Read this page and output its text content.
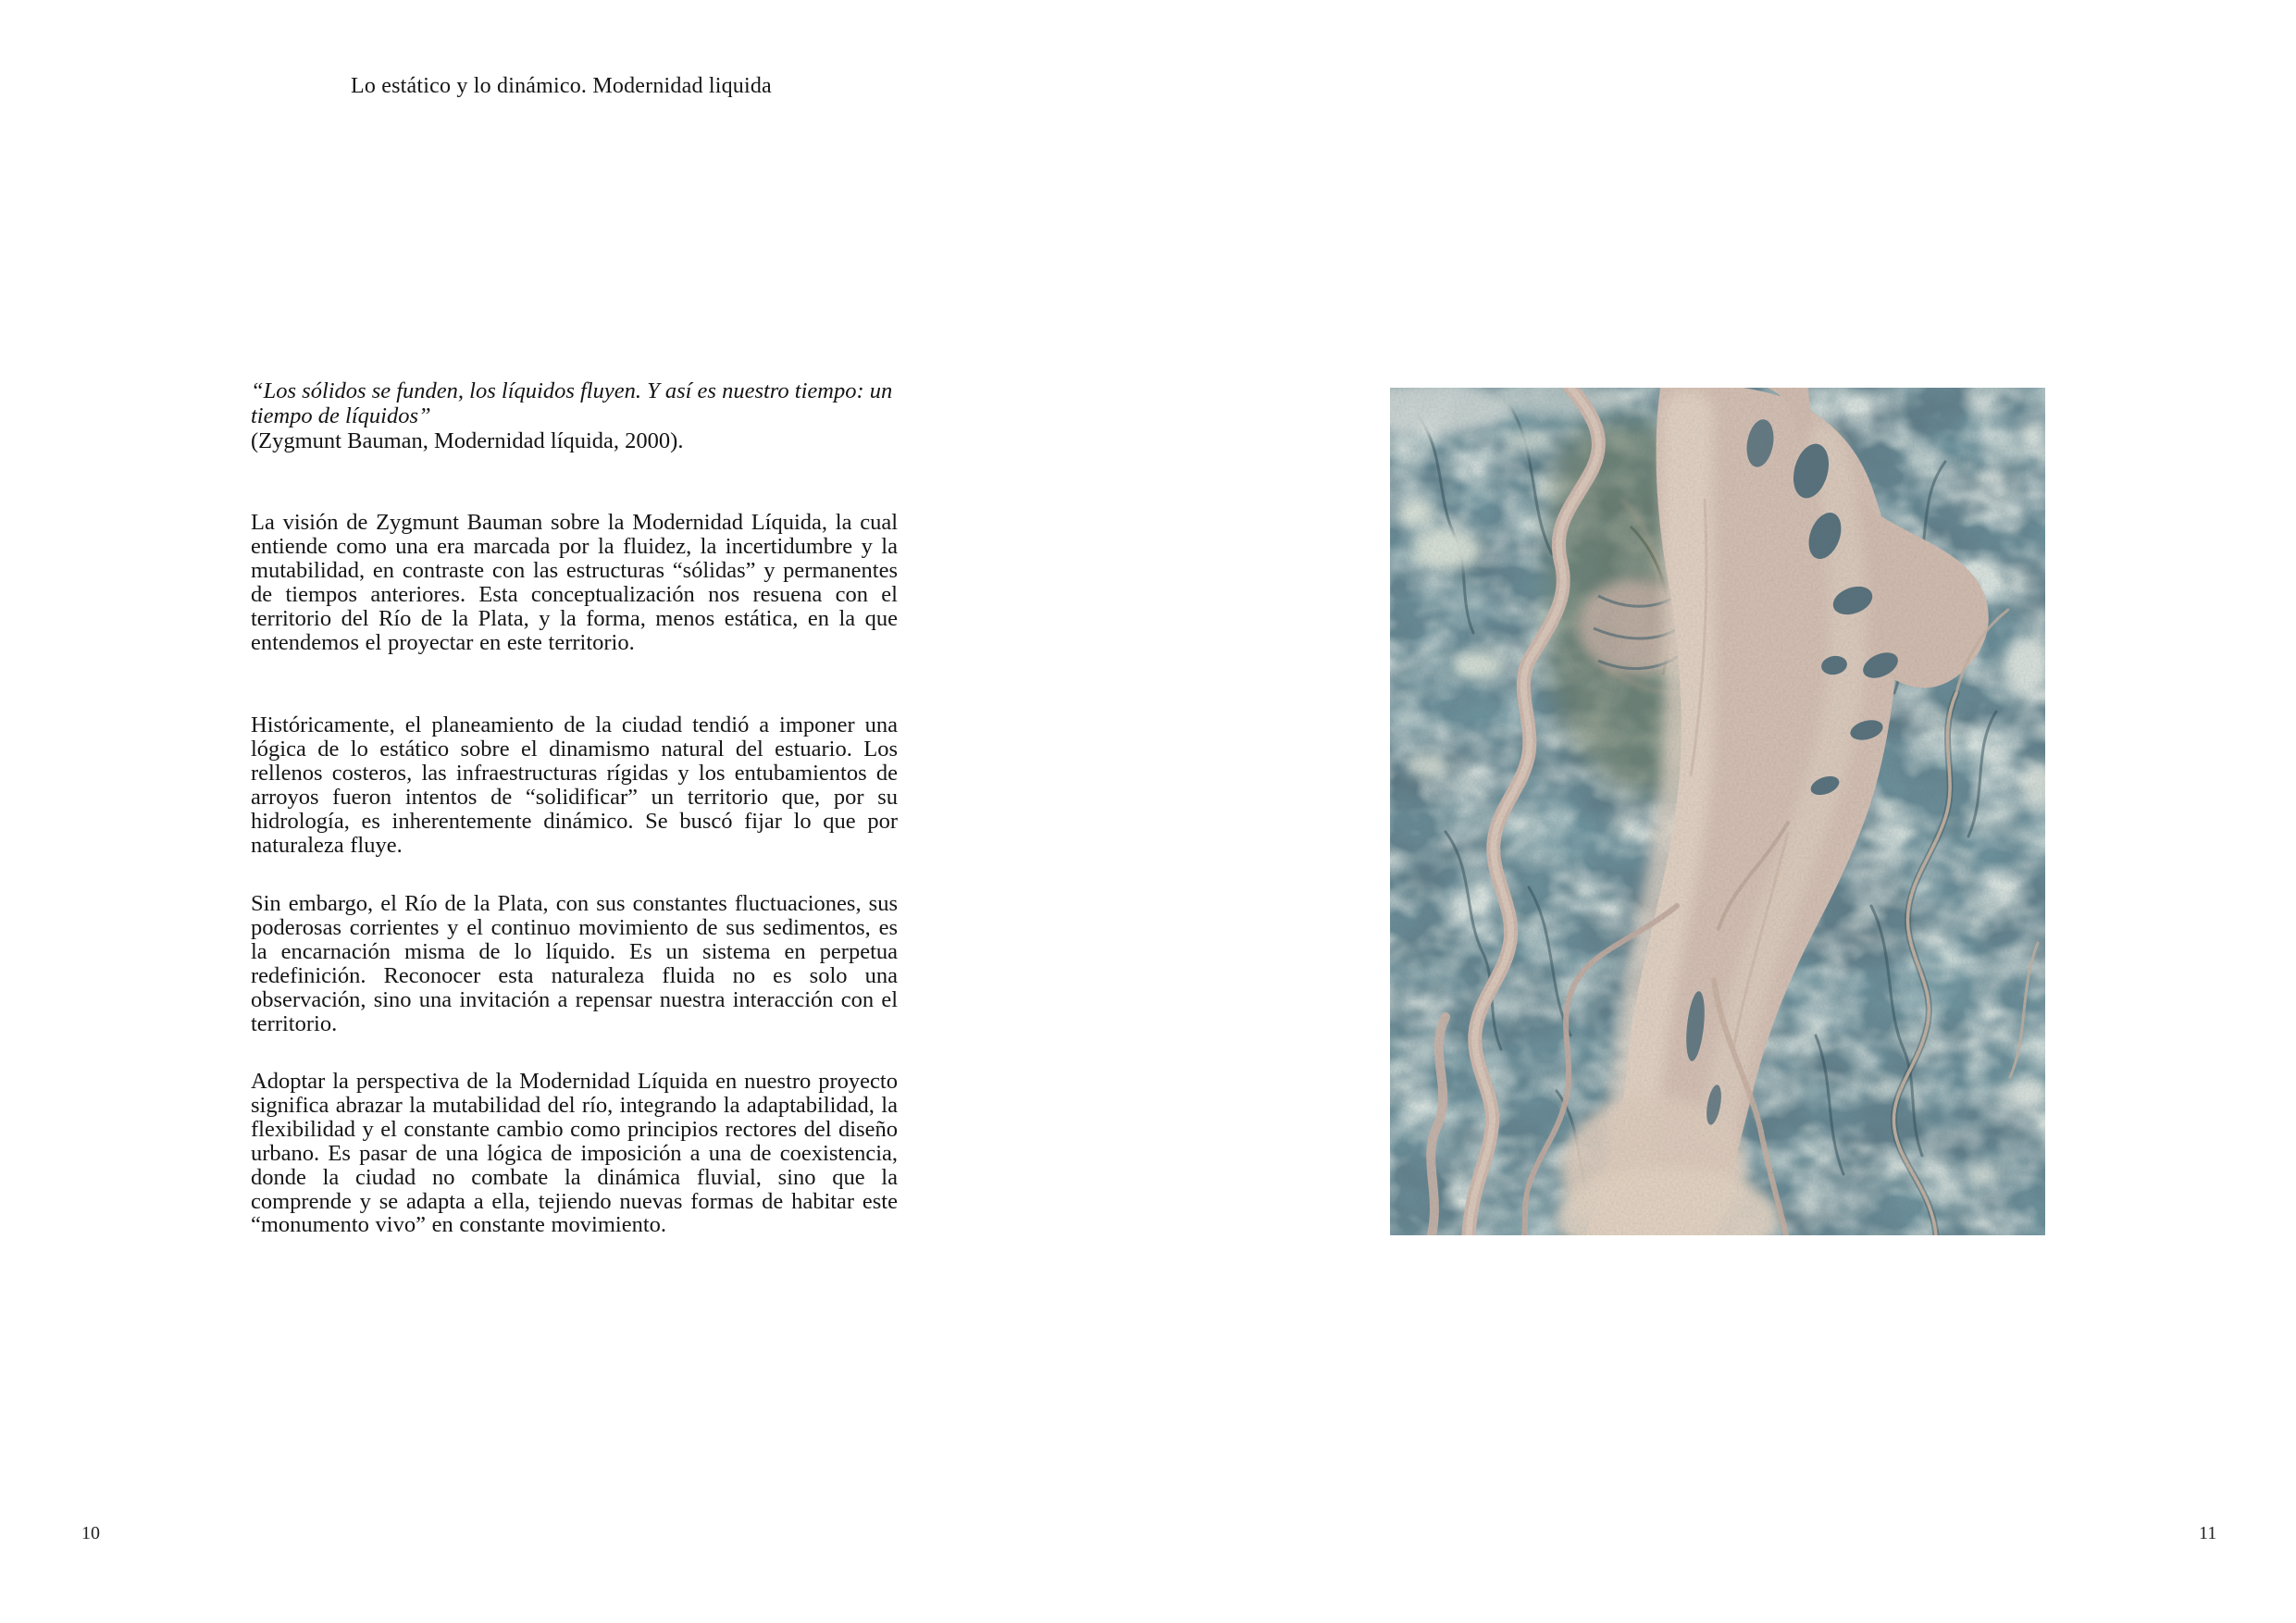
Lo estático y lo dinámico. Modernidad liquida

“Los sólidos se funden, los líquidos fluyen. Y así es nuestro tiempo: un tiempo de líquidos”

(Zygmunt Bauman, Modernidad líquida, 2000).

La visión de Zygmunt Bauman sobre la Modernidad Líquida, la cual entiende como una era marcada por la fluidez, la incertidumbre y la mutabilidad, en contraste con las estructuras “sólidas” y permanentes de tiempos anteriores. Esta conceptualización nos resuena con el territorio del Río de la Plata, y la forma, menos estática, en la que entendemos el proyectar en este territorio.

Históricamente, el planeamiento de la ciudad tendió a imponer una lógica de lo estático sobre el dinamismo natural del estuario. Los rellenos costeros, las infraestructuras rígidas y los entubamientos de arroyos fueron intentos de “solidificar” un territorio que, por su hidrología, es inherentemente dinámico. Se buscó fijar lo que por naturaleza fluye.

Sin embargo, el Río de la Plata, con sus constantes fluctuaciones, sus poderosas corrientes y el continuo movimiento de sus sedimentos, es la encarnación misma de lo líquido. Es un sistema en perpetua redefinición. Reconocer esta naturaleza fluida no es solo una observación, sino una invitación a repensar nuestra interacción con el territorio.

Adoptar la perspectiva de la Modernidad Líquida en nuestro proyecto significa abrazar la mutabilidad del río, integrando la adaptabilidad, la flexibilidad y el constante cambio como principios rectores del diseño urbano. Es pasar de una lógica de imposición a una de coexistencia, donde la ciudad no combate la dinámica fluvial, sino que la comprende y se adapta a ella, tejiendo nuevas formas de habitar este “monumento vivo” en constante movimiento.

10	11
